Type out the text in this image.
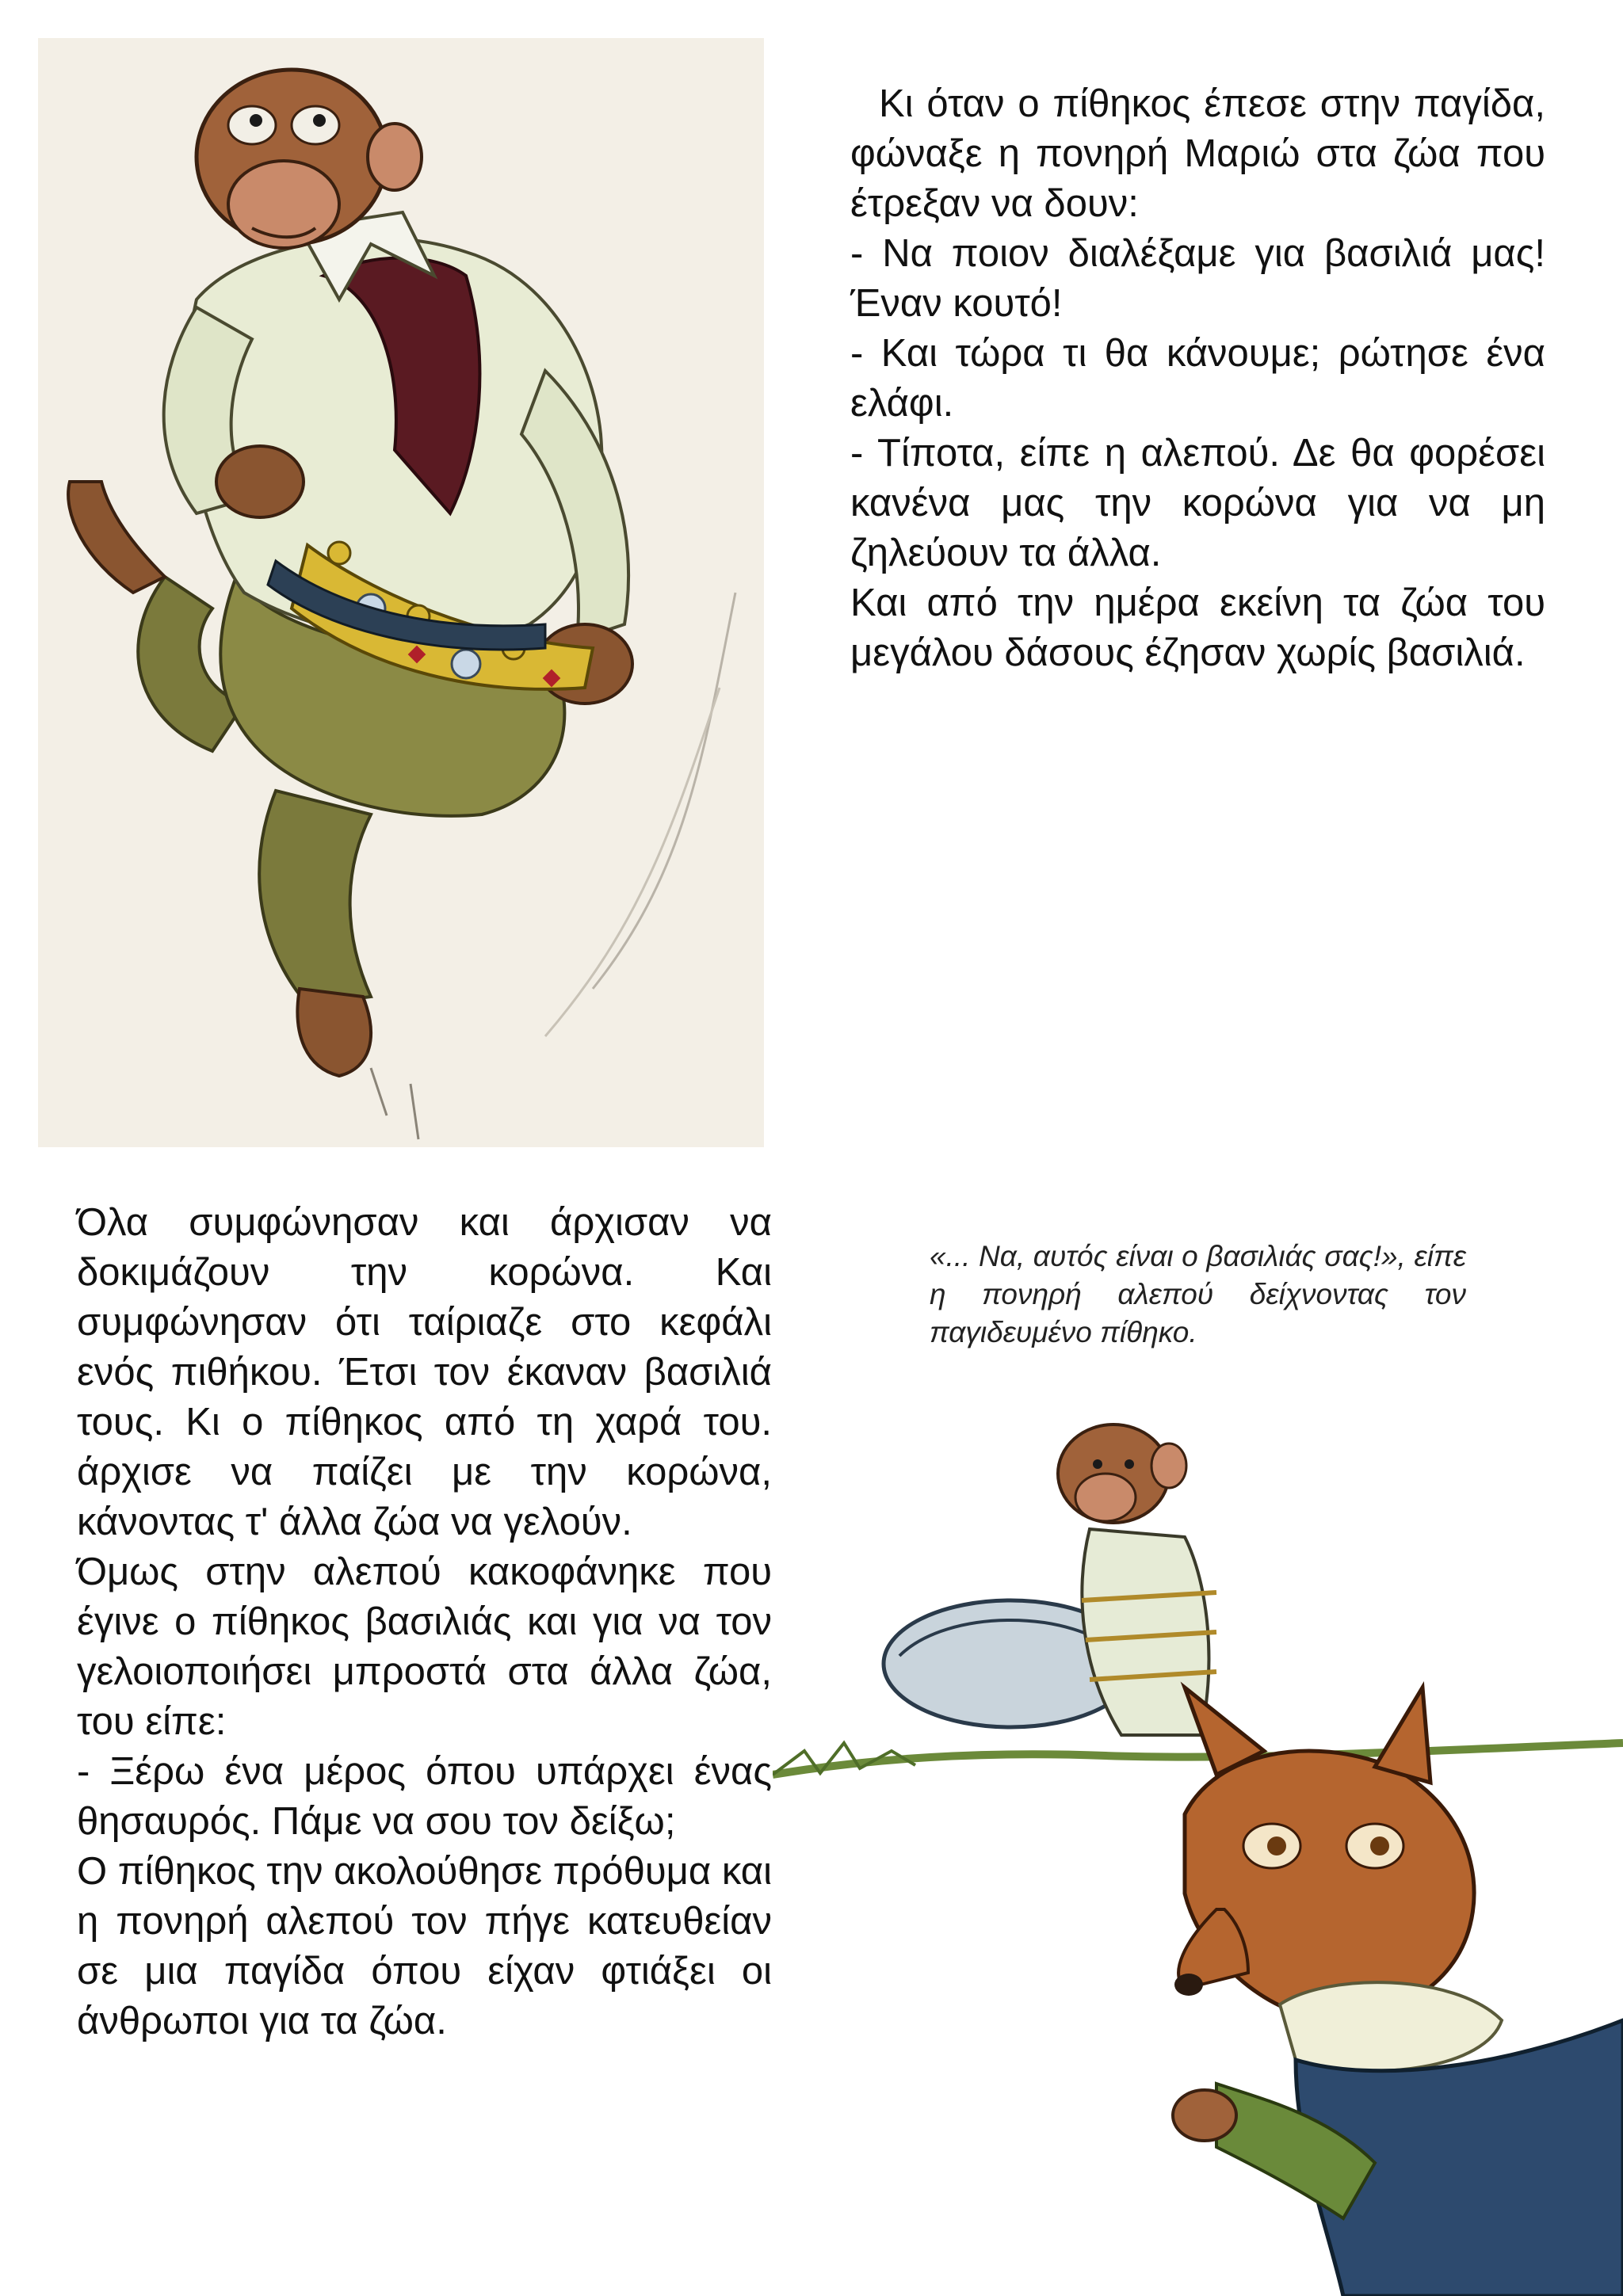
Κι όταν ο πίθηκος έπεσε στην παγίδα, φώναξε η πονηρή Μαριώ στα ζώα που έτρεξαν να δουν:

- Να ποιον διαλέξαμε για βασιλιά μας! Έναν κουτό!

- Και τώρα τι θα κάνουμε; ρώτησε ένα ελάφι.

- Τίποτα, είπε η αλεπού. Δε θα φορέσει κανένα μας την κορώνα για να μη ζηλεύουν τα άλλα.

Και από την ημέρα εκείνη τα ζώα του μεγάλου δάσους έζησαν χωρίς βασιλιά.

Όλα συμφώνησαν και άρχισαν να δοκιμάζουν την κορώνα. Και συμφώνησαν ότι ταίριαζε στο κεφάλι ενός πιθήκου. Έτσι τον έκαναν βασιλιά τους. Κι ο πίθηκος από τη χαρά του. άρχισε να παίζει με την κορώνα, κάνοντας τ' άλλα ζώα να γελούν.

Όμως στην αλεπού κακοφάνηκε που έγινε ο πίθηκος βασιλιάς και για να τον γελοιοποιήσει μπροστά στα άλλα ζώα, του είπε:

- Ξέρω ένα μέρος όπου υπάρχει ένας θησαυρός. Πάμε να σου τον δείξω;

Ο πίθηκος την ακολούθησε πρόθυμα και η πονηρή αλεπού τον πήγε κατευθείαν σε μια παγίδα όπου είχαν φτιάξει οι άνθρωποι για τα ζώα.

«... Να, αυτός είναι ο βασιλιάς σας!», είπε η πονηρή αλεπού δείχνοντας τον παγιδευμένο πίθηκο.
